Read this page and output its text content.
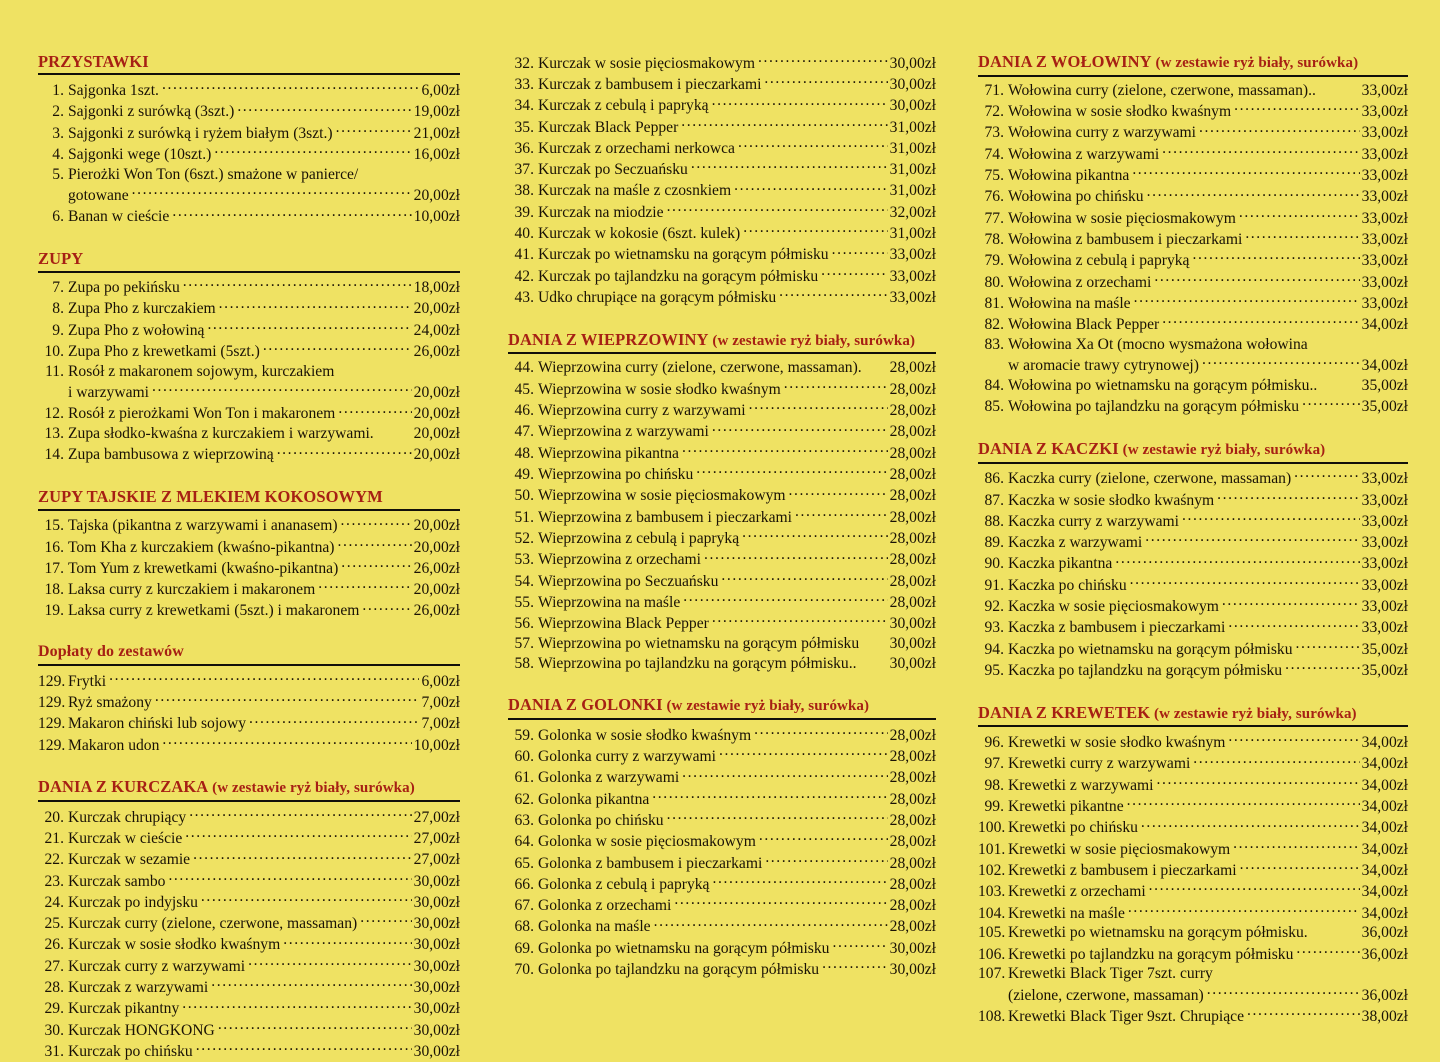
PRZYSTAWKI
1. Sajgonka 1szt. .....	6,00zł
2. Sajgonki z surówką (3szt.) .....	19,00zł
3. Sajgonki z surówką i ryżem białym (3szt.) .....	21,00zł
4. Sajgonki wege (10szt.) .....	16,00zł
5. Pierożki Won Ton (6szt.) smażone w panierce/
gotowane .....	20,00zł
6. Banan w cieście .....	10,00zł
ZUPY
7. Zupa po pekińsku .....	18,00zł
8. Zupa Pho z kurczakiem .....	20,00zł
9. Zupa Pho z wołowiną .....	24,00zł
10. Zupa Pho z krewetkami (5szt.) .....	26,00zł
11. Rosół z makaronem sojowym, kurczakiem
i warzywami .....	20,00zł
12. Rosół z pierożkami Won Ton i makaronem .....	20,00zł
13. Zupa słodko-kwaśna z kurczakiem i warzywami.	20,00zł
14. Zupa bambusowa z wieprzowiną .....	20,00zł
ZUPY TAJSKIE Z MLEKIEM KOKOSOWYM
15. Tajska (pikantna z warzywami i ananasem) .....	20,00zł
16. Tom Kha z kurczakiem (kwaśno-pikantna) .....	20,00zł
17. Tom Yum z krewetkami (kwaśno-pikantna) .....	26,00zł
18. Laksa curry z kurczakiem i makaronem .....	20,00zł
19. Laksa curry z krewetkami (5szt.) i makaronem .....	26,00zł
Dopłaty do zestawów
129. Frytki .....	6,00zł
129. Ryż smażony .....	7,00zł
129. Makaron chiński lub sojowy .....	7,00zł
129. Makaron udon .....	10,00zł
DANIA Z KURCZAKA (w zestawie ryż biały, surówka)
20. Kurczak chrupiący .....	27,00zł
21. Kurczak w cieście .....	27,00zł
22. Kurczak w sezamie .....	27,00zł
23. Kurczak sambo .....	30,00zł
24. Kurczak po indyjsku .....	30,00zł
25. Kurczak curry (zielone, czerwone, massaman) .....	30,00zł
26. Kurczak w sosie słodko kwaśnym .....	30,00zł
27. Kurczak curry z warzywami .....	30,00zł
28. Kurczak z warzywami .....	30,00zł
29. Kurczak pikantny .....	30,00zł
30. Kurczak HONGKONG .....	30,00zł
31. Kurczak po chińsku .....	30,00zł
32. Kurczak w sosie pięciosmakowym .....	30,00zł
33. Kurczak z bambusem i pieczarkami .....	30,00zł
34. Kurczak z cebulą i papryką .....	30,00zł
35. Kurczak Black Pepper .....	31,00zł
36. Kurczak z orzechami nerkowca .....	31,00zł
37. Kurczak po Seczuańsku .....	31,00zł
38. Kurczak na maśle z czosnkiem .....	31,00zł
39. Kurczak na miodzie .....	32,00zł
40. Kurczak w kokosie (6szt. kulek) .....	31,00zł
41. Kurczak po wietnamsku na gorącym półmisku .....	33,00zł
42. Kurczak po tajlandzku na gorącym półmisku .....	33,00zł
43. Udko chrupiące na gorącym półmisku .....	33,00zł
DANIA Z WIEPRZOWINY (w zestawie ryż biały, surówka)
44. Wieprzowina curry (zielone, czerwone, massaman). 28,00zł
45. Wieprzowina w sosie słodko kwaśnym .....	28,00zł
46. Wieprzowina curry z warzywami .....	28,00zł
47. Wieprzowina z warzywami .....	28,00zł
48. Wieprzowina pikantna .....	28,00zł
49. Wieprzowina po chińsku .....	28,00zł
50. Wieprzowina w sosie pięciosmakowym .....	28,00zł
51. Wieprzowina z bambusem i pieczarkami .....	28,00zł
52. Wieprzowina z cebulą i papryką .....	28,00zł
53. Wieprzowina z orzechami .....	28,00zł
54. Wieprzowina po Seczuańsku .....	28,00zł
55. Wieprzowina na maśle .....	28,00zł
56. Wieprzowina Black Pepper .....	30,00zł
57. Wieprzowina po wietnamsku na gorącym półmisku 30,00zł
58. Wieprzowina po tajlandzku na gorącym półmisku.. 30,00zł
DANIA Z GOLONKI (w zestawie ryż biały, surówka)
59. Golonka w sosie słodko kwaśnym .....	28,00zł
60. Golonka curry z warzywami .....	28,00zł
61. Golonka z warzywami .....	28,00zł
62. Golonka pikantna .....	28,00zł
63. Golonka po chińsku .....	28,00zł
64. Golonka w sosie pięciosmakowym .....	28,00zł
65. Golonka z bambusem i pieczarkami .....	28,00zł
66. Golonka z cebulą i papryką .....	28,00zł
67. Golonka z orzechami .....	28,00zł
68. Golonka na maśle .....	28,00zł
69. Golonka po wietnamsku na gorącym półmisku .....	30,00zł
70. Golonka po tajlandzku na gorącym półmisku .....	30,00zł
DANIA Z WOŁOWINY (w zestawie ryż biały, surówka)
71. Wołowina curry (zielone, czerwone, massaman)..	33,00zł
72. Wołowina w sosie słodko kwaśnym .....	33,00zł
73. Wołowina curry z warzywami .....	33,00zł
74. Wołowina z warzywami .....	33,00zł
75. Wołowina pikantna .....	33,00zł
76. Wołowina po chińsku .....	33,00zł
77. Wołowina w sosie pięciosmakowym .....	33,00zł
78. Wołowina z bambusem i pieczarkami .....	33,00zł
79. Wołowina z cebulą i papryką .....	33,00zł
80. Wołowina z orzechami .....	33,00zł
81. Wołowina na maśle .....	33,00zł
82. Wołowina Black Pepper .....	34,00zł
83. Wołowina Xa Ot (mocno wysmażona wołowina
w aromacie trawy cytrynowej) .....	34,00zł
84. Wołowina po wietnamsku na gorącym półmisku..	35,00zł
85. Wołowina po tajlandzku na gorącym półmisku .....	35,00zł
DANIA Z KACZKI (w zestawie ryż biały, surówka)
86. Kaczka curry (zielone, czerwone, massaman) .....	33,00zł
87. Kaczka w sosie słodko kwaśnym .....	33,00zł
88. Kaczka curry z warzywami .....	33,00zł
89. Kaczka z warzywami .....	33,00zł
90. Kaczka pikantna .....	33,00zł
91. Kaczka po chińsku .....	33,00zł
92. Kaczka w sosie pięciosmakowym .....	33,00zł
93. Kaczka z bambusem i pieczarkami .....	33,00zł
94. Kaczka po wietnamsku na gorącym półmisku .....	35,00zł
95. Kaczka po tajlandzku na gorącym półmisku .....	35,00zł
DANIA Z KREWETEK (w zestawie ryż biały, surówka)
96. Krewetki w sosie słodko kwaśnym .....	34,00zł
97. Krewetki curry z warzywami .....	34,00zł
98. Krewetki z warzywami .....	34,00zł
99. Krewetki pikantne .....	34,00zł
100. Krewetki po chińsku .....	34,00zł
101. Krewetki w sosie pięciosmakowym .....	34,00zł
102. Krewetki z bambusem i pieczarkami .....	34,00zł
103. Krewetki z orzechami .....	34,00zł
104. Krewetki na maśle .....	34,00zł
105. Krewetki po wietnamsku na gorącym półmisku.	36,00zł
106. Krewetki po tajlandzku na gorącym półmisku .....	36,00zł
107. Krewetki Black Tiger 7szt. curry
(zielone, czerwone, massaman) .....	36,00zł
108. Krewetki Black Tiger 9szt. Chrupiące .....	38,00zł
